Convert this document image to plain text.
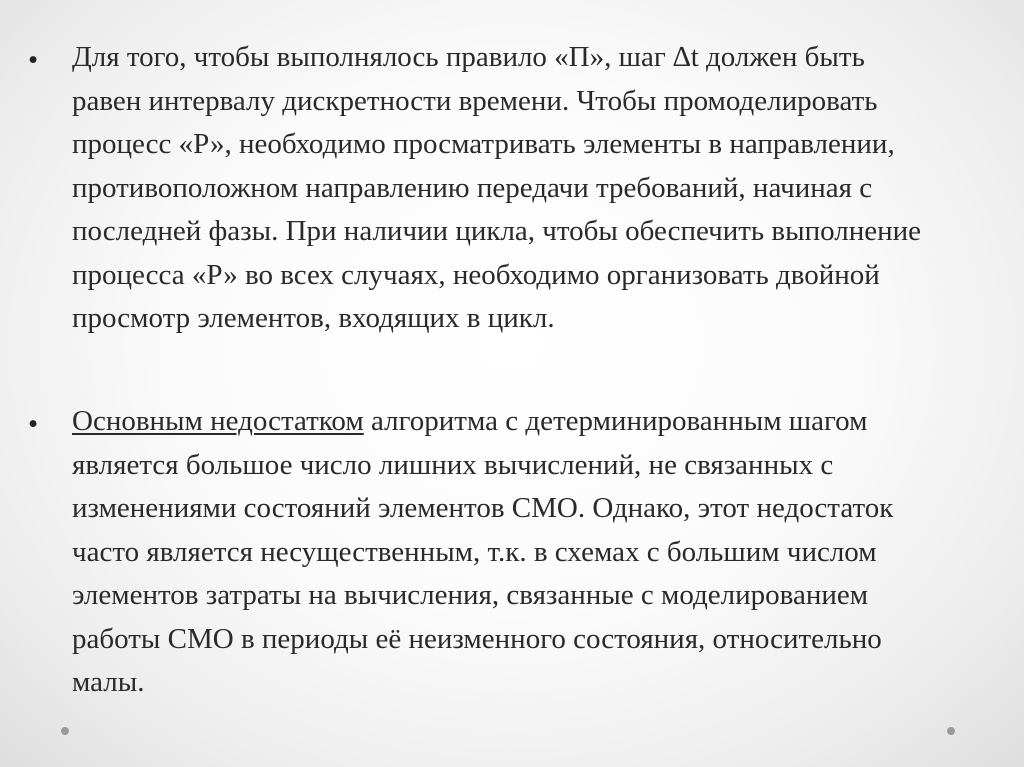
• Для того, чтобы выполнялось правило «П», шаг ∆t должен быть
равен интервалу дискретности времени. Чтобы промоделировать
процесс «Р», необходимо просматривать элементы в направлении,
противоположном направлению передачи требований, начиная с
последней фазы. При наличии цикла, чтобы обеспечить выполнение
процесса «Р» во всех случаях, необходимо организовать двойной
просмотр элементов, входящих в цикл.
• Основным недостатком алгоритма с детерминированным шагом
является большое число лишних вычислений, не связанных с
изменениями состояний элементов СМО. Однако, этот недостаток
часто является несущественным, т.к. в схемах с большим числом
элементов затраты на вычисления, связанные с моделированием
работы СМО в периоды её неизменного состояния, относительно
малы.
